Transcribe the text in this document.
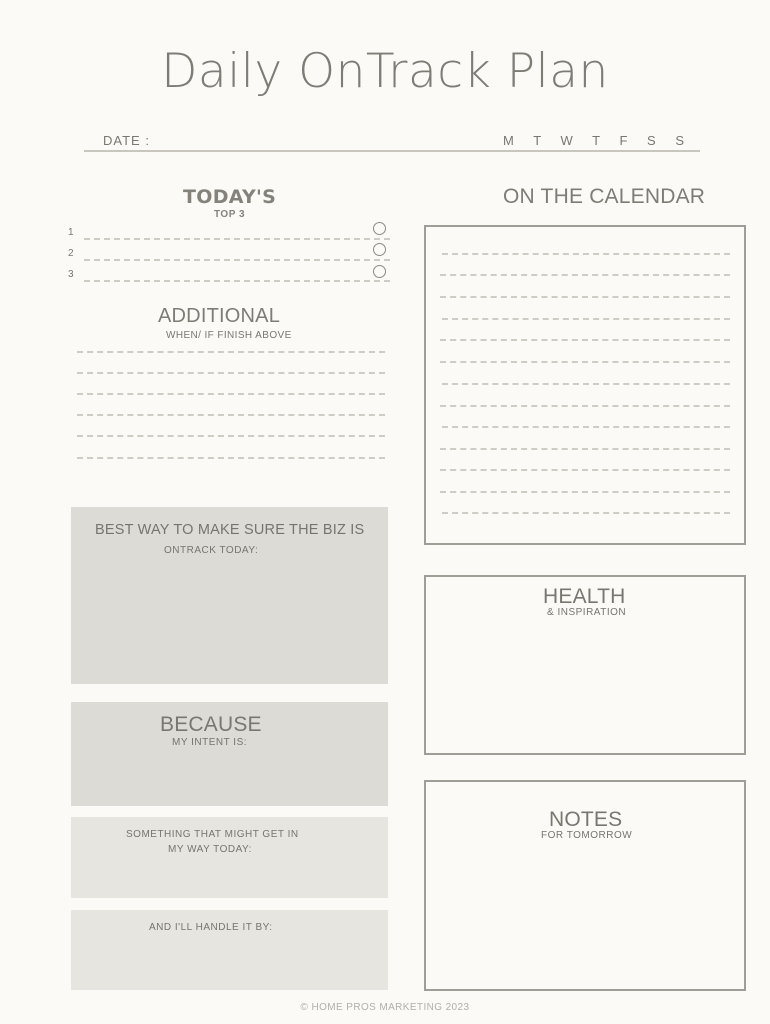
Daily OnTrack Plan
DATE :	M T W T F S S
TODAY'S
TOP 3
1
2
3
ADDITIONAL
WHEN/ IF FINISH ABOVE
ON THE CALENDAR
BEST WAY TO MAKE SURE THE BIZ IS
ONTRACK TODAY:
BECAUSE
MY INTENT IS:
SOMETHING THAT MIGHT GET IN
MY WAY TODAY:
AND I'LL HANDLE IT BY:
HEALTH
& INSPIRATION
NOTES
FOR TOMORROW
© HOME PROS MARKETING 2023
